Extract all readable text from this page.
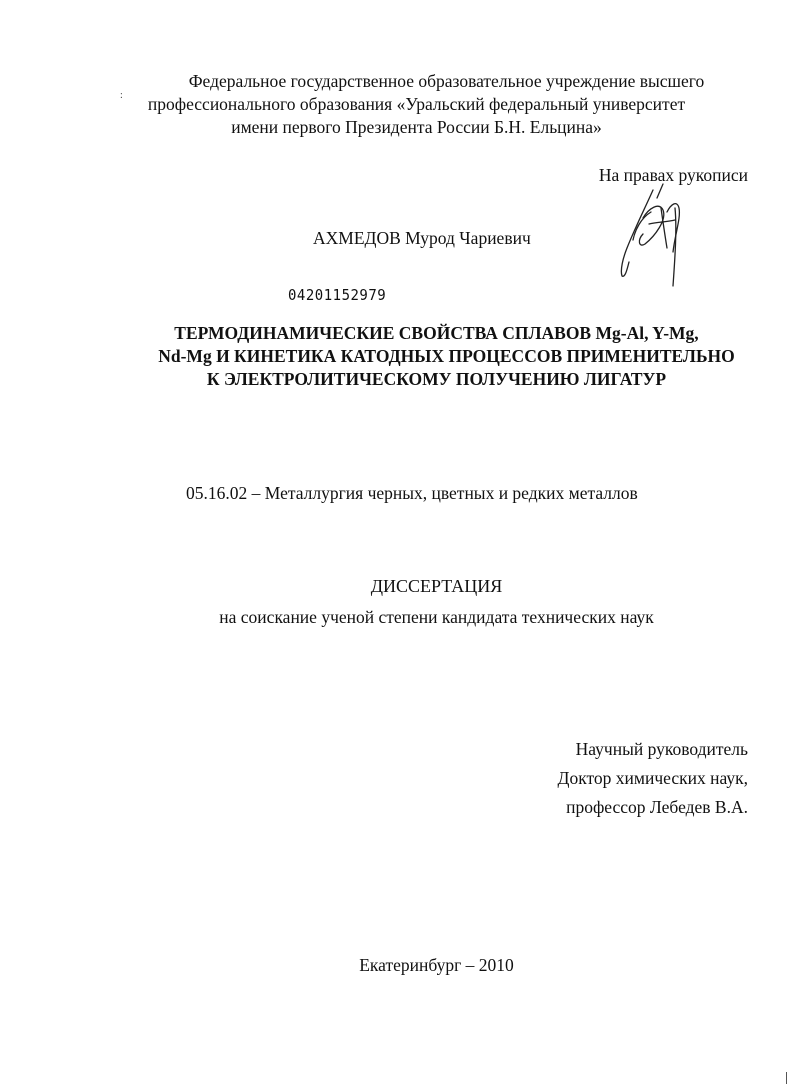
:
Федеральное государственное образовательное учреждение высшего
профессионального образования «Уральский федеральный университет
имени первого Президента России Б.Н. Ельцина»
На правах рукописи
АХМЕДОВ Мурод Чариевич
04201152979
ТЕРМОДИНАМИЧЕСКИЕ СВОЙСТВА СПЛАВОВ Mg-Al, Y-Mg,
Nd-Mg И КИНЕТИКА КАТОДНЫХ ПРОЦЕССОВ ПРИМЕНИТЕЛЬНО
К ЭЛЕКТРОЛИТИЧЕСКОМУ ПОЛУЧЕНИЮ ЛИГАТУР
05.16.02 – Металлургия черных, цветных и редких металлов
ДИССЕРТАЦИЯ
на соискание ученой степени кандидата технических наук
Научный руководитель
Доктор химических наук,
профессор Лебедев В.А.
Екатеринбург – 2010
